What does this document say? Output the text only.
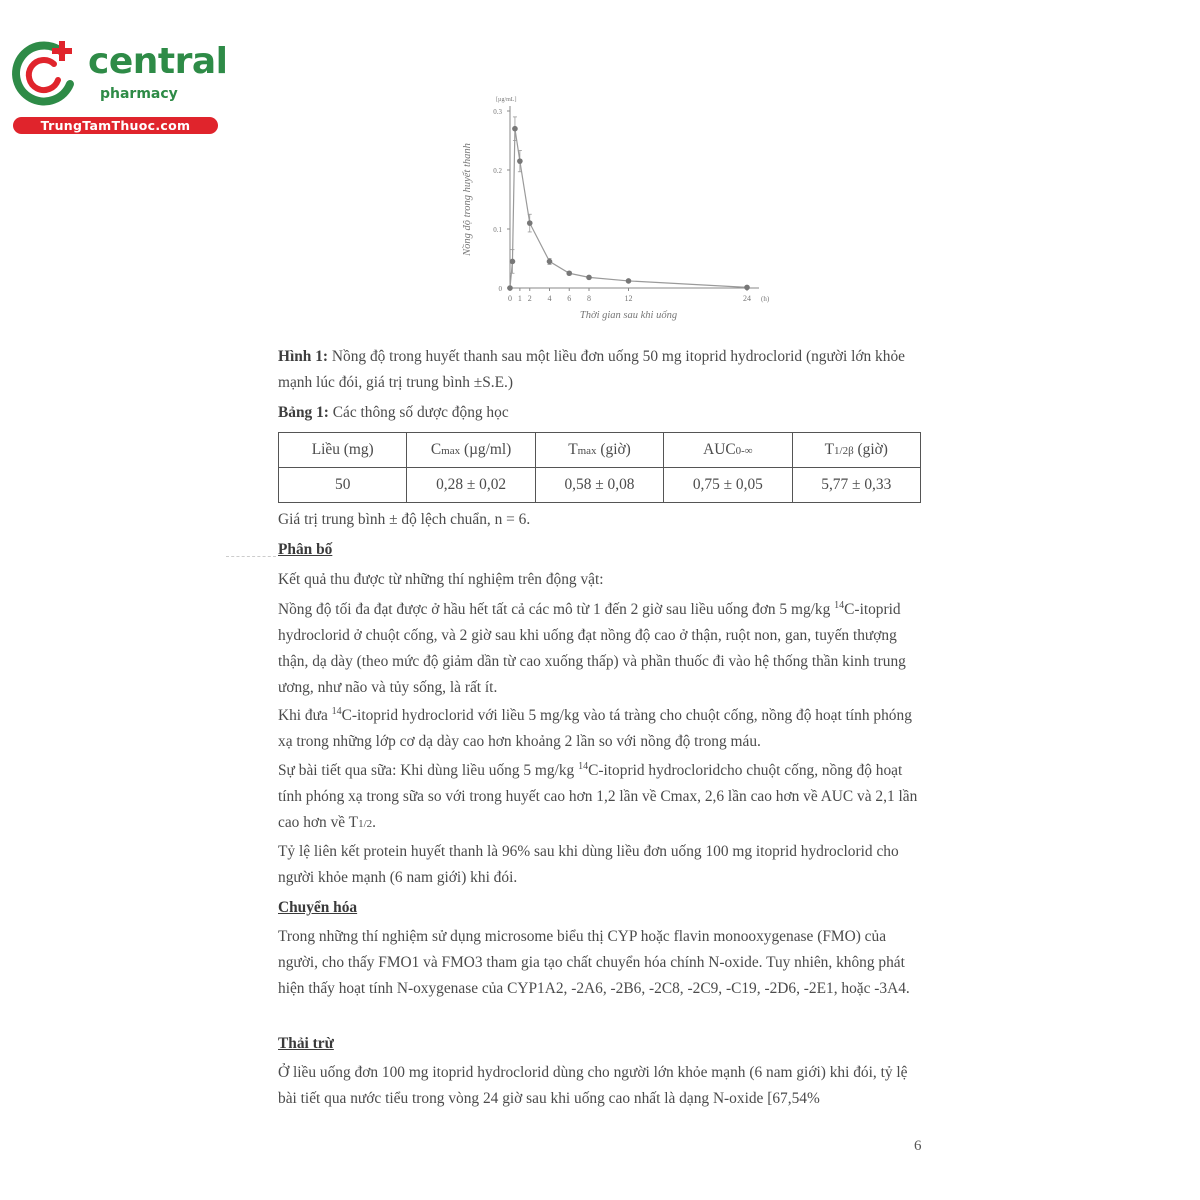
central
pharmacy
TrungTamThuoc.com
0
0.1
0.2
0.3
0 1 2 4 6 8	12	24 (h)
[µg/mL]
Thời gian sau khi uống
Nồng độ trong huyết thanh
Hình 1: Nồng độ trong huyết thanh sau một liều đơn uống 50 mg itoprid hydroclorid (người lớn khỏe mạnh lúc đói, giá trị trung bình ±S.E.)
Bảng 1: Các thông số dược động học
Liều (mg)	Cmax (µg/ml)	Tmax (giờ)	AUC0-∞	T1/2β (giờ)
50	0,28 ± 0,02	0,58 ± 0,08	0,75 ± 0,05	5,77 ± 0,33
Giá trị trung bình ± độ lệch chuẩn, n = 6.
Phân bố
Kết quả thu được từ những thí nghiệm trên động vật:
Nồng độ tối đa đạt được ở hầu hết tất cả các mô từ 1 đến 2 giờ sau liều uống đơn 5 mg/kg $^{14}$C-itoprid hydroclorid ở chuột cống, và 2 giờ sau khi uống đạt nồng độ cao ở thận, ruột non, gan, tuyến thượng thận, dạ dày (theo mức độ giảm dần từ cao xuống thấp) và phần thuốc đi vào hệ thống thần kinh trung ương, như não và tủy sống, là rất ít.
Khi đưa $^{14}$C-itoprid hydroclorid với liều 5 mg/kg vào tá tràng cho chuột cống, nồng độ hoạt tính phóng xạ trong những lớp cơ dạ dày cao hơn khoảng 2 lần so với nồng độ trong máu.
Sự bài tiết qua sữa: Khi dùng liều uống 5 mg/kg $^{14}$C-itoprid hydrocloridcho chuột cống, nồng độ hoạt tính phóng xạ trong sữa so với trong huyết cao hơn 1,2 lần về Cmax, 2,6 lần cao hơn về AUC và 2,1 lần cao hơn về T1/2.
Tỷ lệ liên kết protein huyết thanh là 96% sau khi dùng liều đơn uống 100 mg itoprid hydroclorid cho người khỏe mạnh (6 nam giới) khi đói.
Chuyển hóa
Trong những thí nghiệm sử dụng microsome biểu thị CYP hoặc flavin monooxygenase (FMO) của người, cho thấy FMO1 và FMO3 tham gia tạo chất chuyển hóa chính N-oxide. Tuy nhiên, không phát hiện thấy hoạt tính N-oxygenase của CYP1A2, -2A6, -2B6, -2C8, -2C9, -C19, -2D6, -2E1, hoặc -3A4.
Thải trừ
Ở liều uống đơn 100 mg itoprid hydroclorid dùng cho người lớn khỏe mạnh (6 nam giới) khi đói, tỷ lệ bài tiết qua nước tiểu trong vòng 24 giờ sau khi uống cao nhất là dạng N-oxide [67,54%
6
